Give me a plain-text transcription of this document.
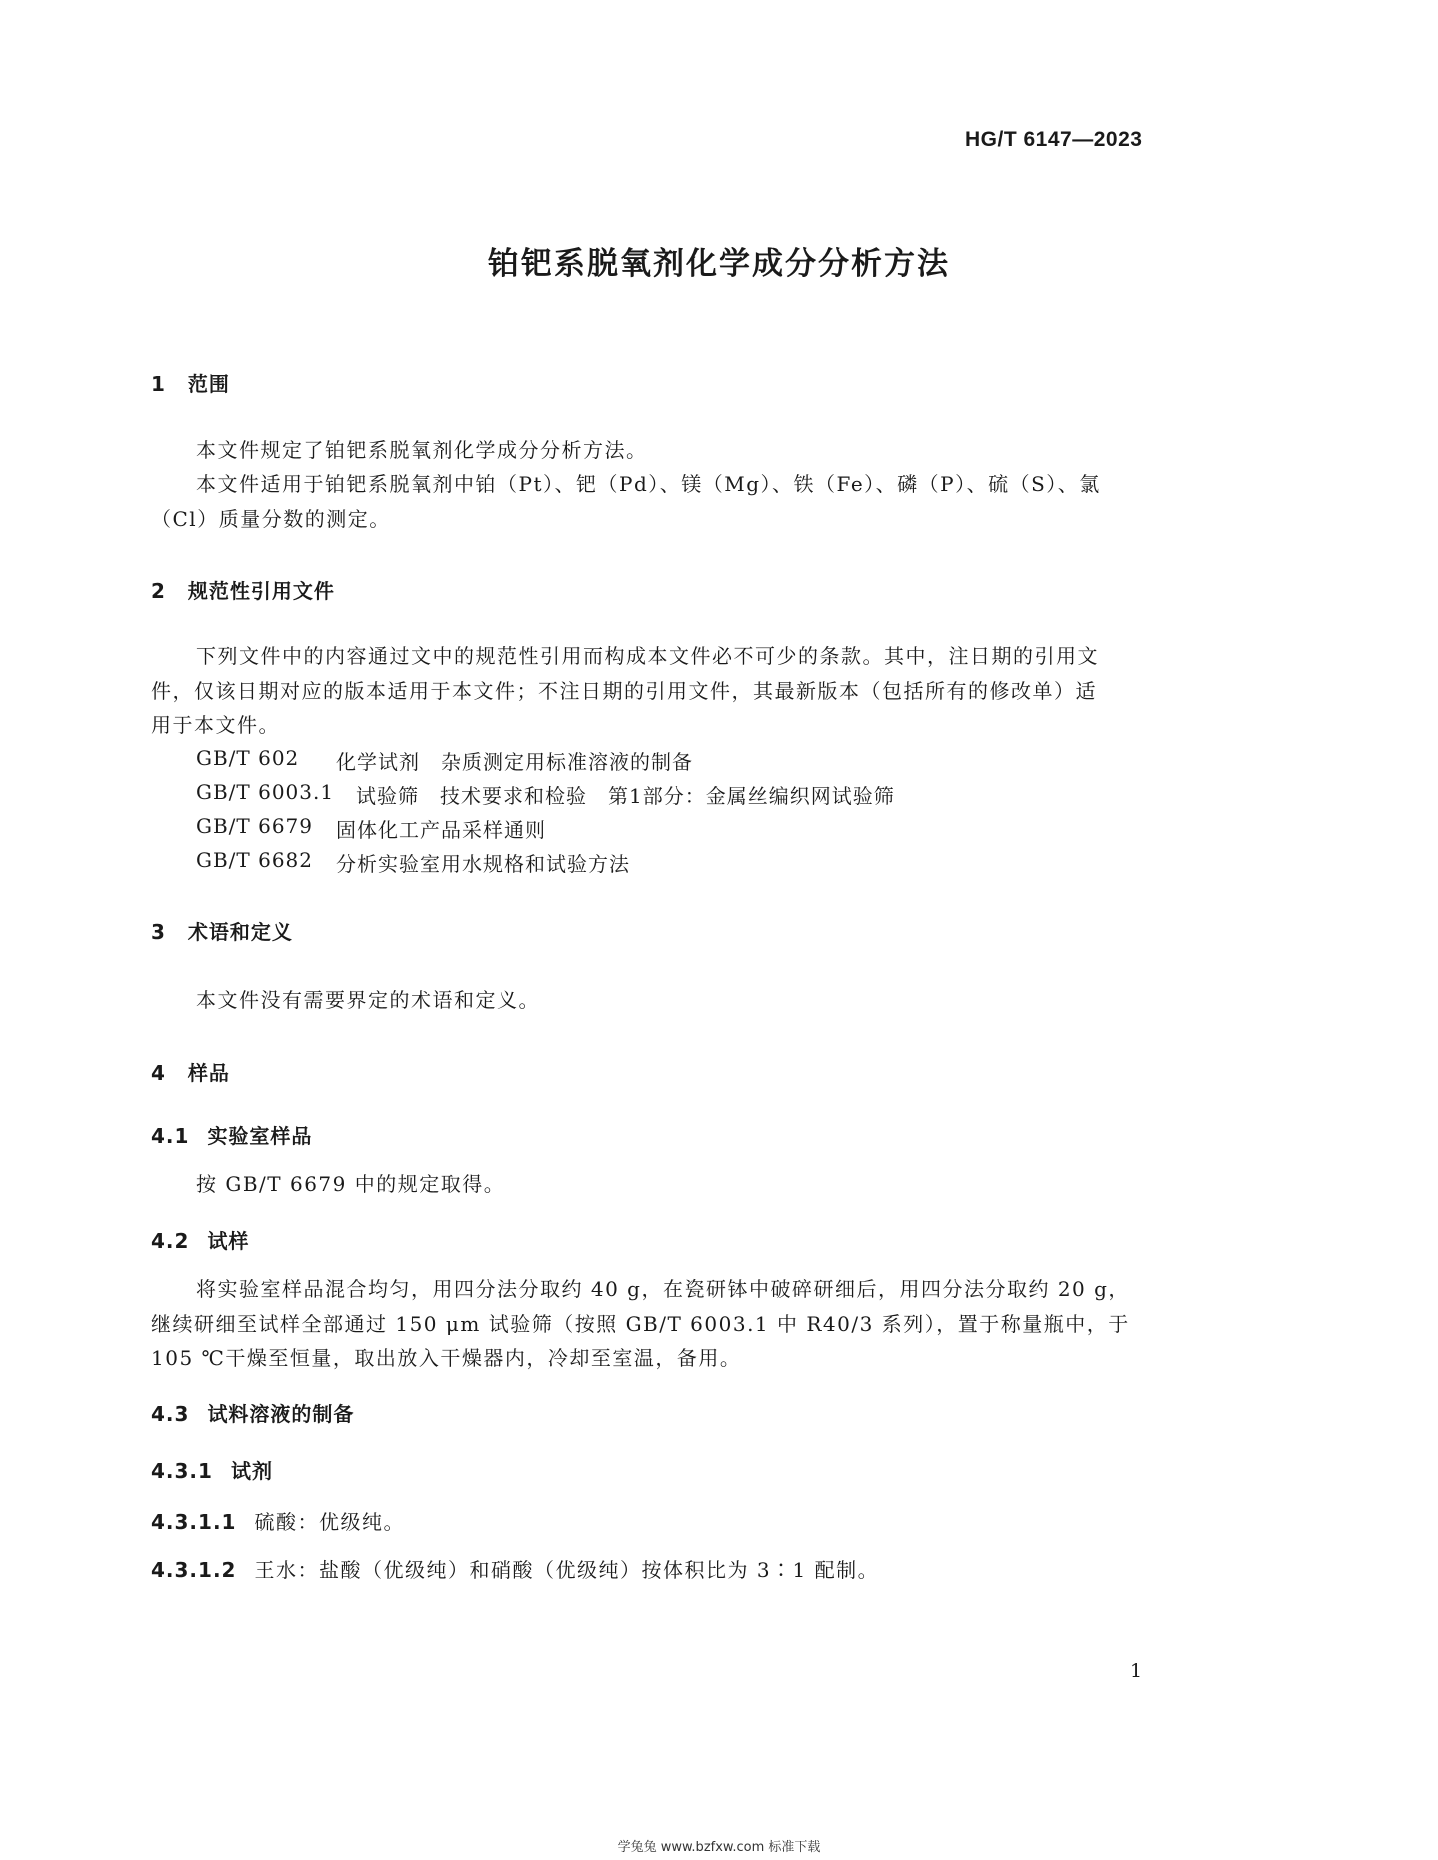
HG/T 6147—2023
铂钯系脱氧剂化学成分分析方法
1 范围
本文件规定了铂钯系脱氧剂化学成分分析方法。
本文件适用于铂钯系脱氧剂中铂（Pt）、钯（Pd）、镁（Mg）、铁（Fe）、磷（P）、硫（S）、氯
（Cl）质量分数的测定。
2 规范性引用文件
下列文件中的内容通过文中的规范性引用而构成本文件必不可少的条款。其中，注日期的引用文
件，仅该日期对应的版本适用于本文件；不注日期的引用文件，其最新版本（包括所有的修改单）适
用于本文件。
GB/T 602 化学试剂　杂质测定用标准溶液的制备
GB/T 6003.1 试验筛　技术要求和检验　第1部分：金属丝编织网试验筛
GB/T 6679 固体化工产品采样通则
GB/T 6682 分析实验室用水规格和试验方法
3 术语和定义
本文件没有需要界定的术语和定义。
4 样品
4.1 实验室样品
按 GB/T 6679 中的规定取得。
4.2 试样
将实验室样品混合均匀，用四分法分取约 40 g，在瓷研钵中破碎研细后，用四分法分取约 20 g，
继续研细至试样全部通过 150 μm 试验筛（按照 GB/T 6003.1 中 R40/3 系列），置于称量瓶中，于
105 ℃干燥至恒量，取出放入干燥器内，冷却至室温，备用。
4.3 试料溶液的制备
4.3.1 试剂
4.3.1.1 硫酸：优级纯。
4.3.1.2 王水：盐酸（优级纯）和硝酸（优级纯）按体积比为 3∶1 配制。
1
学兔兔 www.bzfxw.com 标准下载
